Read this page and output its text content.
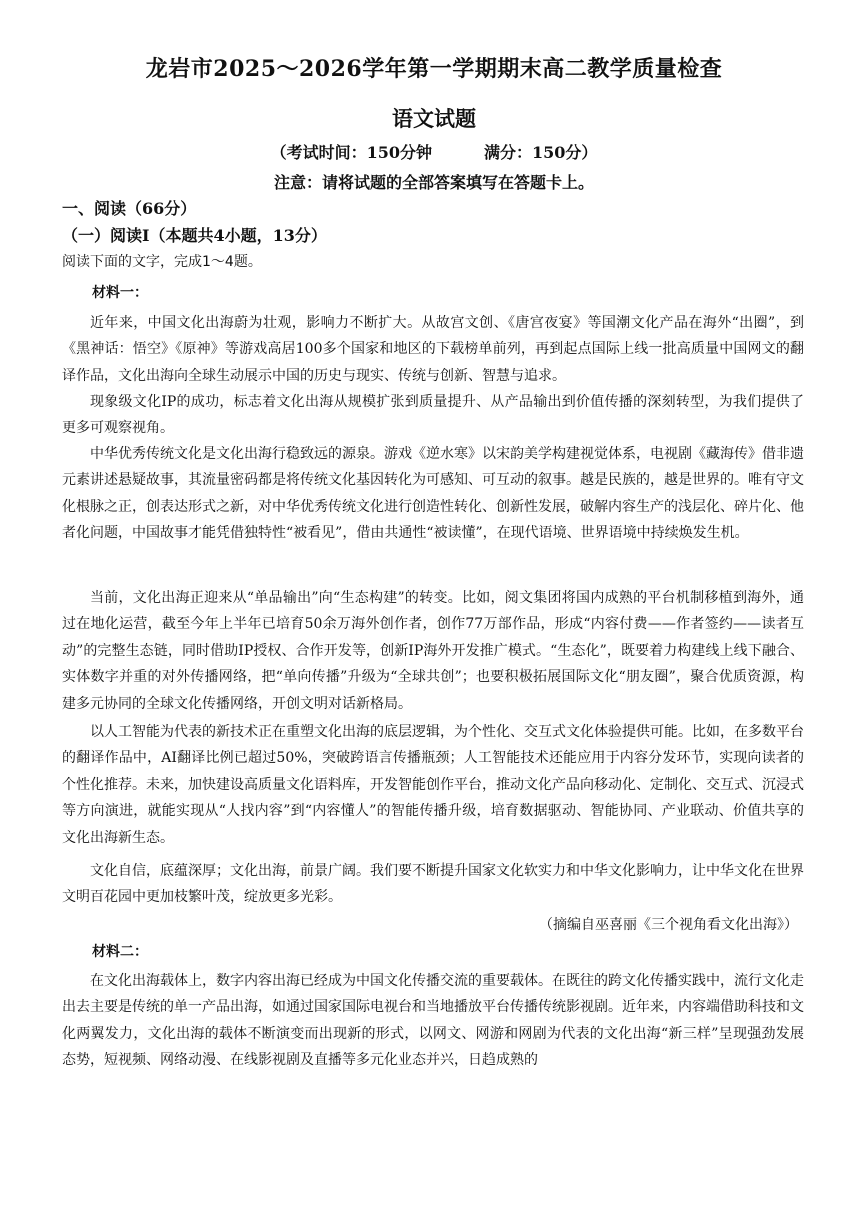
龙岩市2025～2026学年第一学期期末高二教学质量检查
语文试题
（考试时间：150分钟	满分：150分）
注意：请将试题的全部答案填写在答题卡上。
一、阅读（66分）
（一）阅读Ⅰ（本题共4小题，13分）
阅读下面的文字，完成1～4题。
材料一：

近年来，中国文化出海蔚为壮观，影响力不断扩大。从故宫文创、《唐宫夜宴》等国潮文化产品在海外“出圈”，到《黑神话：悟空》《原神》等游戏高居100多个国家和地区的下载榜单前列，再到起点国际上线一批高质量中国网文的翻译作品，文化出海向全球生动展示中国的历史与现实、传统与创新、智慧与追求。

现象级文化IP的成功，标志着文化出海从规模扩张到质量提升、从产品输出到价值传播的深刻转型，为我们提供了更多可观察视角。

中华优秀传统文化是文化出海行稳致远的源泉。游戏《逆水寒》以宋韵美学构建视觉体系，电视剧《藏海传》借非遗元素讲述悬疑故事，其流量密码都是将传统文化基因转化为可感知、可互动的叙事。越是民族的，越是世界的。唯有守文化根脉之正，创表达形式之新，对中华优秀传统文化进行创造性转化、创新性发展，破解内容生产的浅层化、碎片化、他者化问题，中国故事才能凭借独特性“被看见”，借由共通性“被读懂”，在现代语境、世界语境中持续焕发生机。

当前，文化出海正迎来从“单品输出”向“生态构建”的转变。比如，阅文集团将国内成熟的平台机制移植到海外，通过在地化运营，截至今年上半年已培育50余万海外创作者，创作77万部作品，形成“内容付费——作者签约——读者互动”的完整生态链，同时借助IP授权、合作开发等，创新IP海外开发推广模式。“生态化”，既要着力构建线上线下融合、实体数字并重的对外传播网络，把“单向传播”升级为“全球共创”；也要积极拓展国际文化“朋友圈”，聚合优质资源，构建多元协同的全球文化传播网络，开创文明对话新格局。

以人工智能为代表的新技术正在重塑文化出海的底层逻辑，为个性化、交互式文化体验提供可能。比如，在多数平台的翻译作品中，AI翻译比例已超过50%，突破跨语言传播瓶颈；人工智能技术还能应用于内容分发环节，实现向读者的个性化推荐。未来，加快建设高质量文化语料库，开发智能创作平台，推动文化产品向移动化、定制化、交互式、沉浸式等方向演进，就能实现从“人找内容”到“内容懂人”的智能传播升级，培育数据驱动、智能协同、产业联动、价值共享的文化出海新生态。

文化自信，底蕴深厚；文化出海，前景广阔。我们要不断提升国家文化软实力和中华文化影响力，让中华文化在世界文明百花园中更加枝繁叶茂，绽放更多光彩。

（摘编自巫喜丽《三个视角看文化出海》）
材料二：

在文化出海载体上，数字内容出海已经成为中国文化传播交流的重要载体。在既往的跨文化传播实践中，流行文化走出去主要是传统的单一产品出海，如通过国家国际电视台和当地播放平台传播传统影视剧。近年来，内容端借助科技和文化两翼发力，文化出海的载体不断演变而出现新的形式，以网文、网游和网剧为代表的文化出海“新三样”呈现强劲发展态势，短视频、网络动漫、在线影视剧及直播等多元化业态并兴，日趋成熟的
